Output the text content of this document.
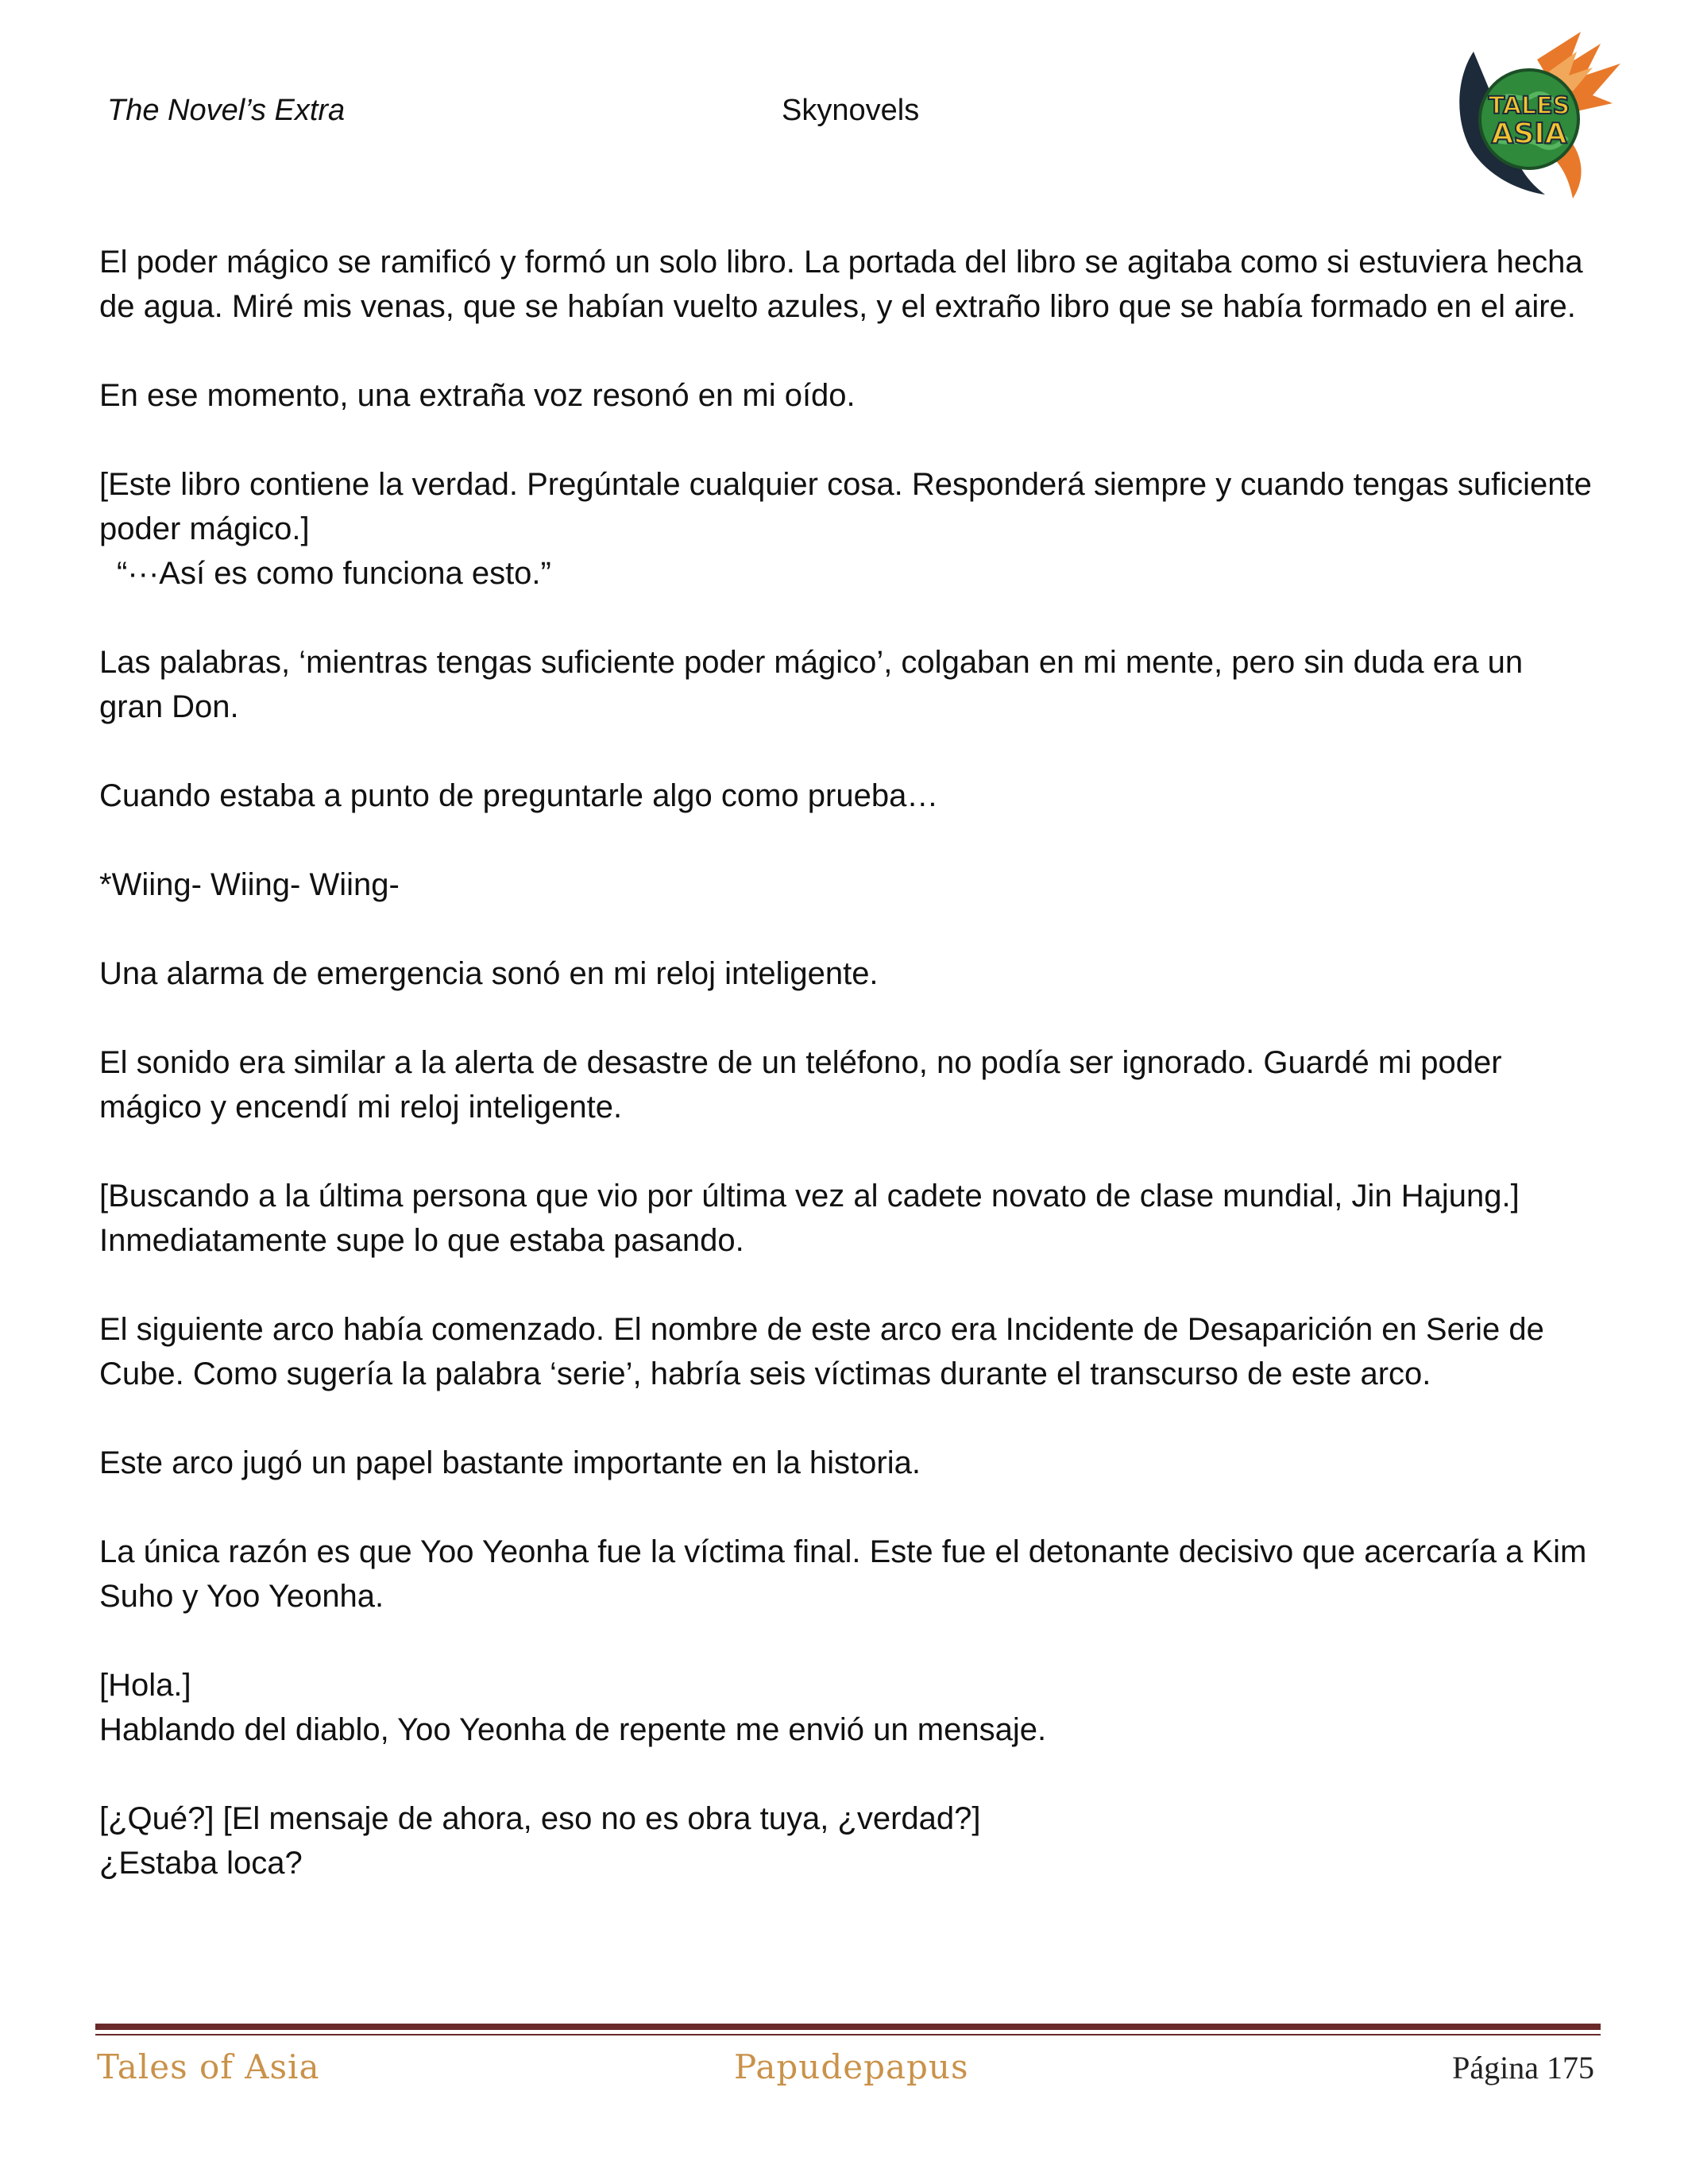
The Novel’s Extra	Skynovels	TALES
ASIA

El poder mágico se ramificó y formó un solo libro. La portada del libro se agitaba como si estuviera hecha de agua. Miré mis venas, que se habían vuelto azules, y el extraño libro que se había formado en el aire.

En ese momento, una extraña voz resonó en mi oído.

[Este libro contiene la verdad. Pregúntale cualquier cosa. Responderá siempre y cuando tengas suficiente poder mágico.]

“···Así es como funciona esto.”

Las palabras, ‘mientras tengas suficiente poder mágico’, colgaban en mi mente, pero sin duda era un gran Don.

Cuando estaba a punto de preguntarle algo como prueba…

*Wiing- Wiing- Wiing-

Una alarma de emergencia sonó en mi reloj inteligente.

El sonido era similar a la alerta de desastre de un teléfono, no podía ser ignorado. Guardé mi poder mágico y encendí mi reloj inteligente.

[Buscando a la última persona que vio por última vez al cadete novato de clase mundial, Jin Hajung.]

Inmediatamente supe lo que estaba pasando.

El siguiente arco había comenzado. El nombre de este arco era Incidente de Desaparición en Serie de Cube. Como sugería la palabra ‘serie’, habría seis víctimas durante el transcurso de este arco.

Este arco jugó un papel bastante importante en la historia.

La única razón es que Yoo Yeonha fue la víctima final. Este fue el detonante decisivo que acercaría a Kim Suho y Yoo Yeonha.

[Hola.]

Hablando del diablo, Yoo Yeonha de repente me envió un mensaje.

[¿Qué?] [El mensaje de ahora, eso no es obra tuya, ¿verdad?]

¿Estaba loca?

Tales of Asia	Papudepapus	Página 175
